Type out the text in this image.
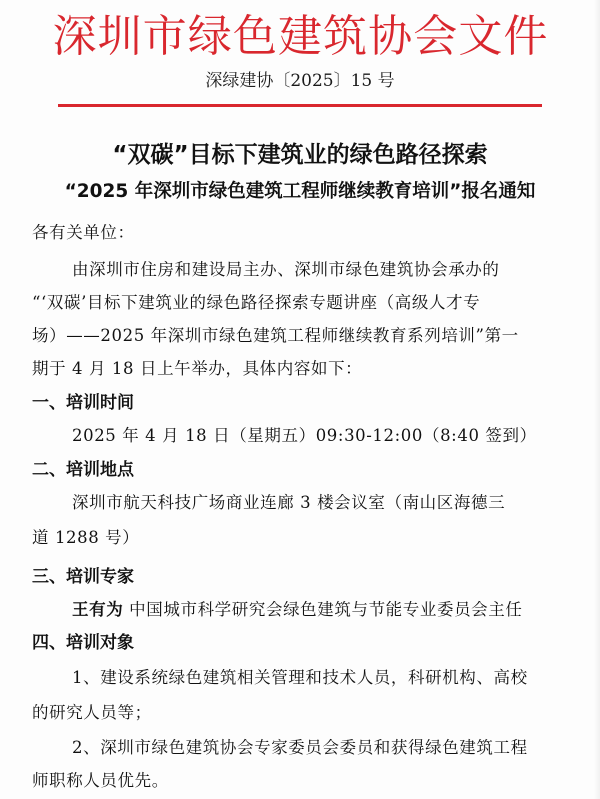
深圳市绿色建筑协会文件
深绿建协〔2025〕15 号
“双碳”目标下建筑业的绿色路径探索
“2025 年深圳市绿色建筑工程师继续教育培训”报名通知
各有关单位：
由深圳市住房和建设局主办、深圳市绿色建筑协会承办的
“‘双碳’目标下建筑业的绿色路径探索专题讲座（高级人才专
场）——2025 年深圳市绿色建筑工程师继续教育系列培训”第一
期于 4 月 18 日上午举办，具体内容如下：
一、培训时间
2025 年 4 月 18 日（星期五）09:30-12:00（8:40 签到）
二、培训地点
深圳市航天科技广场商业连廊 3 楼会议室（南山区海德三
道 1288 号）
三、培训专家
王有为 中国城市科学研究会绿色建筑与节能专业委员会主任
四、培训对象
1、建设系统绿色建筑相关管理和技术人员，科研机构、高校
的研究人员等；
2、深圳市绿色建筑协会专家委员会委员和获得绿色建筑工程
师职称人员优先。
